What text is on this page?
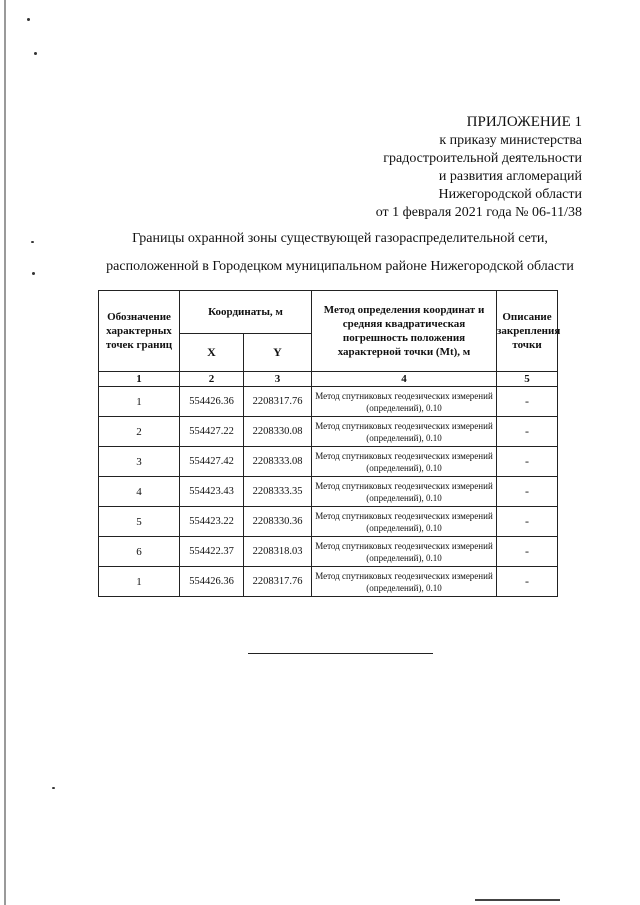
ПРИЛОЖЕНИЕ 1
к приказу министерства
градостроительной деятельности
и развития агломераций
Нижегородской области
от 1 февраля 2021 года № 06-11/38
Границы охранной зоны существующей газораспределительной сети,
расположенной в Городецком муниципальном районе Нижегородской области
Обозначение характерных точек границ	Координаты, м		Метод определения координат и средняя квадратическая погрешность положения характерной точки (Mt), м	Описание закрепления точки
	X	Y		
1	2	3	4	5
1	554426.36	2208317.76	Метод спутниковых геодезических измерений (определений), 0.10	-
2	554427.22	2208330.08	Метод спутниковых геодезических измерений (определений), 0.10	-
3	554427.42	2208333.08	Метод спутниковых геодезических измерений (определений), 0.10	-
4	554423.43	2208333.35	Метод спутниковых геодезических измерений (определений), 0.10	-
5	554423.22	2208330.36	Метод спутниковых геодезических измерений (определений), 0.10	-
6	554422.37	2208318.03	Метод спутниковых геодезических измерений (определений), 0.10	-
1	554426.36	2208317.76	Метод спутниковых геодезических измерений (определений), 0.10	-
